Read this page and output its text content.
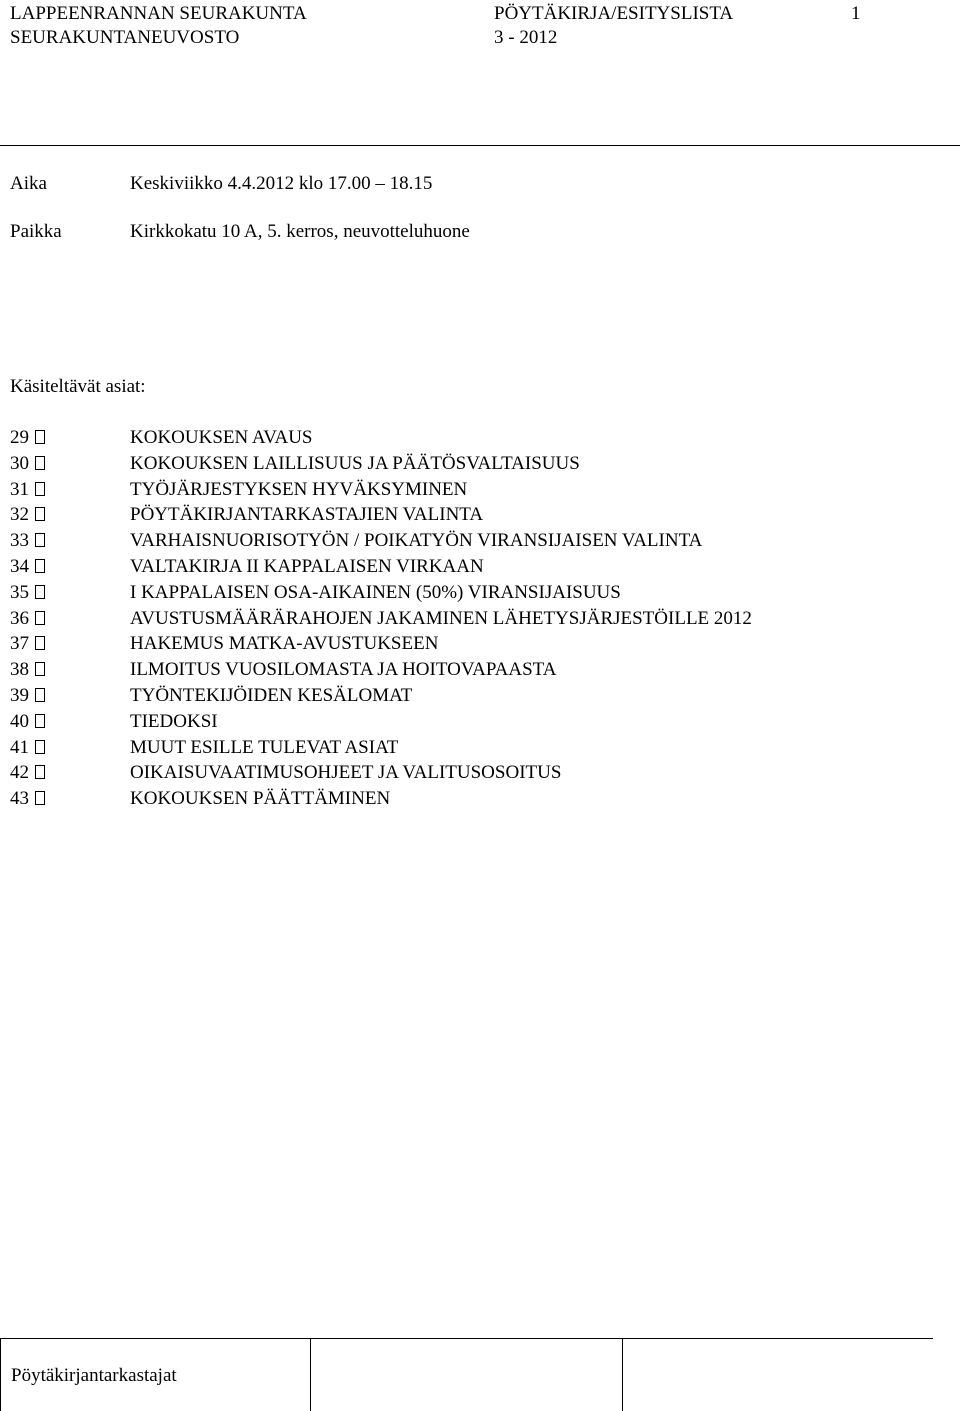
LAPPEENRANNAN SEURAKUNTA
SEURAKUNTANEUVOSTO
PÖYTÄKIRJA/ESITYSLISTA
3 - 2012
1
Aika	Keskiviikko 4.4.2012 klo 17.00 – 18.15
Paikka	Kirkkokatu 10 A, 5. kerros, neuvotteluhuone
Käsiteltävät asiat:
29	KOKOUKSEN AVAUS
30	KOKOUKSEN LAILLISUUS JA PÄÄTÖSVALTAISUUS
31	TYÖJÄRJESTYKSEN HYVÄKSYMINEN
32	PÖYTÄKIRJANTARKASTAJIEN VALINTA
33	VARHAISNUORISOTYÖN / POIKATYÖN VIRANSIJAISEN VALINTA
34	VALTAKIRJA II KAPPALAISEN VIRKAAN
35	I KAPPALAISEN OSA-AIKAINEN (50%) VIRANSIJAISUUS
36	AVUSTUSMÄÄRÄRAHOJEN JAKAMINEN LÄHETYSJÄRJESTÖILLE 2012
37	HAKEMUS MATKA-AVUSTUKSEEN
38	ILMOITUS VUOSILOMASTA JA HOITOVAPAASTA
39	TYÖNTEKIJÖIDEN KESÄLOMAT
40	TIEDOKSI
41	MUUT ESILLE TULEVAT ASIAT
42	OIKAISUVAATIMUSOHJEET JA VALITUSOSOITUS
43	KOKOUKSEN PÄÄTTÄMINEN
Pöytäkirjantarkastajat
